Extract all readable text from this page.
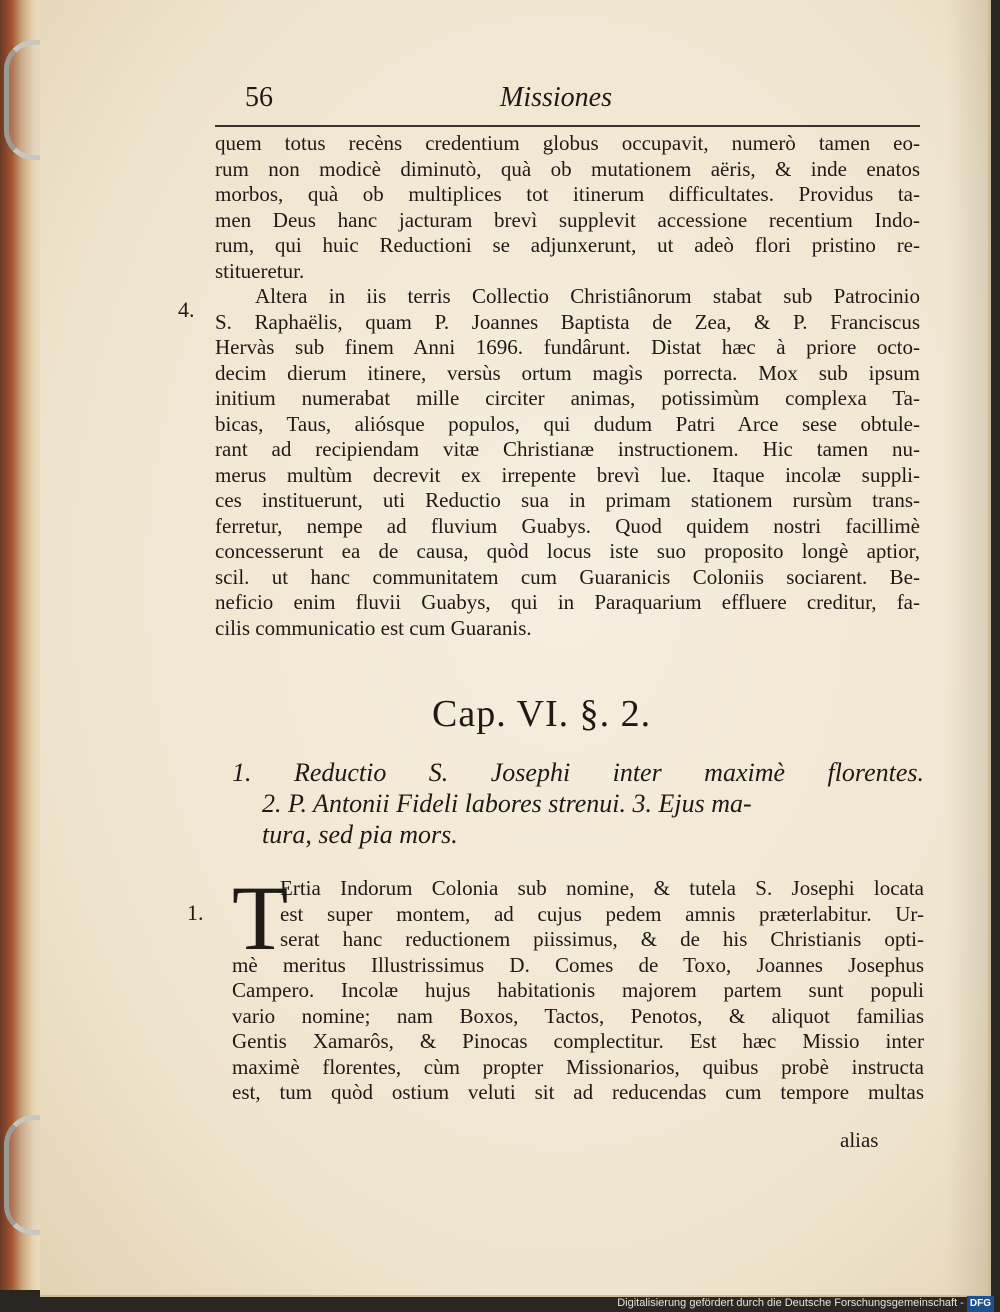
56	Missiones
quem totus recèns credentium globus occupavit, numerò tamen eo-
rum non modicè diminutò, quà ob mutationem aëris, & inde enatos
morbos, quà ob multiplices tot itinerum difficultates. Providus ta-
men Deus hanc jacturam brevì supplevit accessione recentium Indo-
rum, qui huic Reductioni se adjunxerunt, ut adeò flori pristino re-
stitueretur.
4.
Altera in iis terris Collectio Christiânorum stabat sub Patrocinio
S. Raphaëlis, quam P. Joannes Baptista de Zea, & P. Franciscus
Hervàs sub finem Anni 1696. fundârunt. Distat hæc à priore octo-
decim dierum itinere, versùs ortum magìs porrecta. Mox sub ipsum
initium numerabat mille circiter animas, potissimùm complexa Ta-
bicas, Taus, aliósque populos, qui dudum Patri Arce sese obtule-
rant ad recipiendam vitæ Christianæ instructionem. Hic tamen nu-
merus multùm decrevit ex irrepente brevì lue. Itaque incolæ suppli-
ces instituerunt, uti Reductio sua in primam stationem rursùm trans-
ferretur, nempe ad fluvium Guabys. Quod quidem nostri facillimè
concesserunt ea de causa, quòd locus iste suo proposito longè aptior,
scil. ut hanc communitatem cum Guaranicis Coloniis sociarent. Be-
neficio enim fluvii Guabys, qui in Paraquarium effluere creditur, fa-
cilis communicatio est cum Guaranis.
Cap. VI. §. 2.
1. Reductio S. Josephi inter maximè florentes.
2. P. Antonii Fideli labores strenui. 3. Ejus ma-
tura, sed pia mors.
1. T
Ertia Indorum Colonia sub nomine, & tutela S. Josephi locata
est super montem, ad cujus pedem amnis præterlabitur. Ur-
serat hanc reductionem piissimus, & de his Christianis opti-
mè meritus Illustrissimus D. Comes de Toxo, Joannes Josephus
Campero. Incolæ hujus habitationis majorem partem sunt populi
vario nomine; nam Boxos, Tactos, Penotos, & aliquot familias
Gentis Xamarôs, & Pinocas complectitur. Est hæc Missio inter
maximè florentes, cùm propter Missionarios, quibus probè instructa
est, tum quòd ostium veluti sit ad reducendas cum tempore multas
alias
Digitalisierung gefördert durch die Deutsche Forschungsgemeinschaft - DFG
